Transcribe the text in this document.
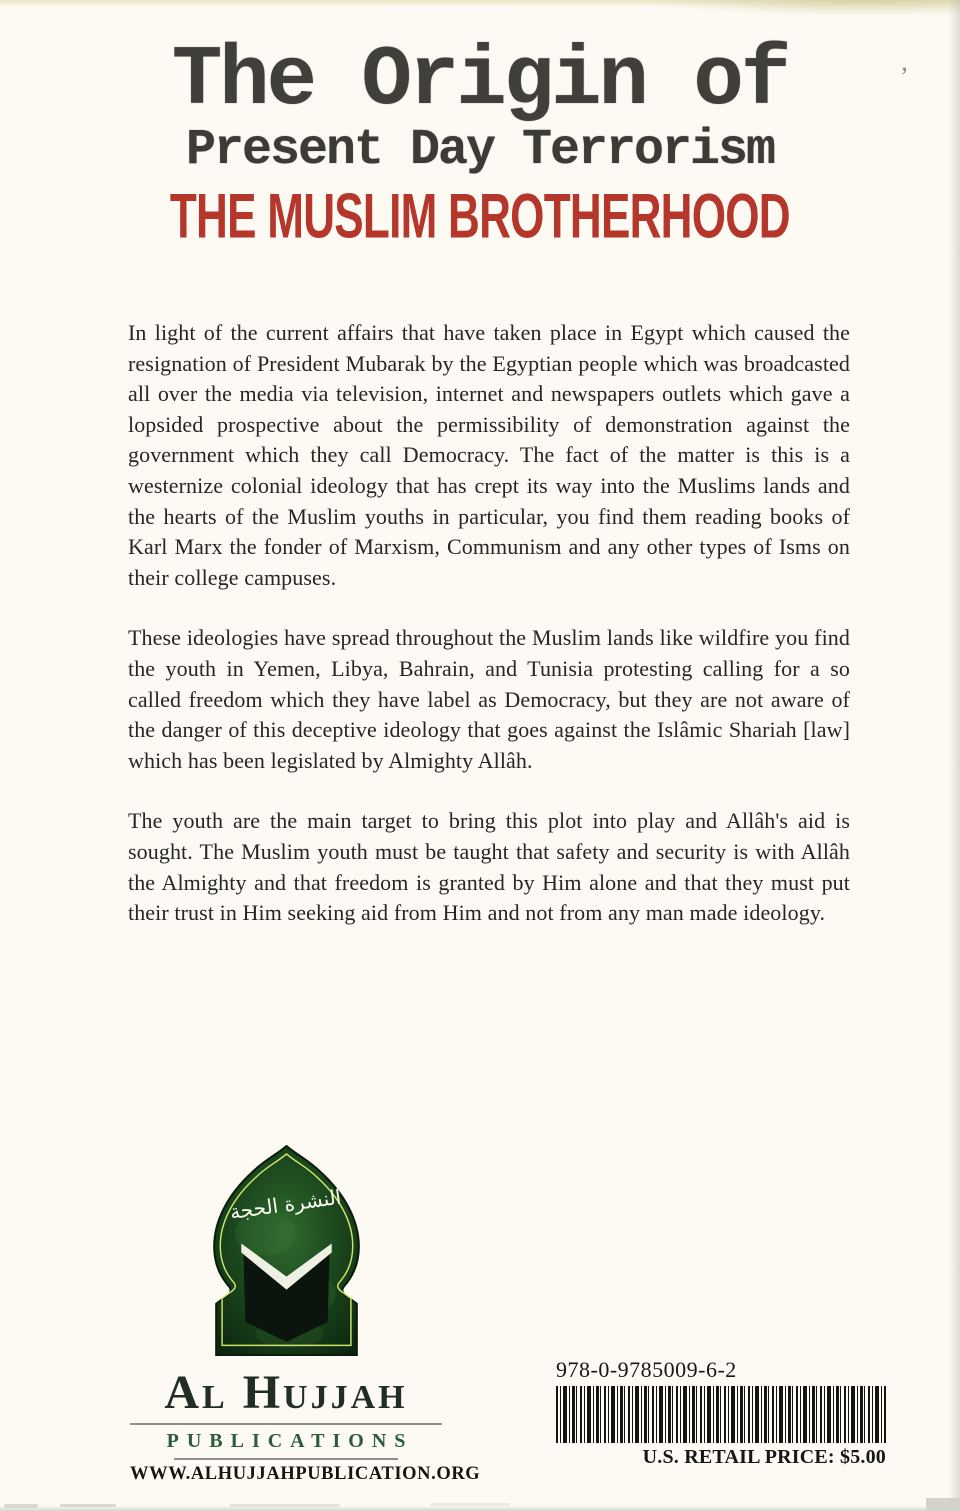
’
The Origin of
Present Day Terrorism
THE MUSLIM BROTHERHOOD

In light of the current affairs that have taken place in Egypt which caused the resignation of President Mubarak by the Egyptian people which was broadcasted all over the media via television, internet and newspapers outlets which gave a lopsided prospective about the permissibility of demonstration against the government which they call Democracy. The fact of the matter is this is a westernize colonial ideology that has crept its way into the Muslims lands and the hearts of the Muslim youths in particular, you find them reading books of Karl Marx the fonder of Marxism, Communism and any other types of Isms on their college campuses.

These ideologies have spread throughout the Muslim lands like wildfire you find the youth in Yemen, Libya, Bahrain, and Tunisia protesting calling for a so called freedom which they have label as Democracy, but they are not aware of the danger of this deceptive ideology that goes against the Islâmic Shariah [law] which has been legislated by Almighty Allâh.

The youth are the main target to bring this plot into play and Allâh's aid is sought. The Muslim youth must be taught that safety and security is with Allâh the Almighty and that freedom is granted by Him alone and that they must put their trust in Him seeking aid from Him and not from any man made ideology.

النشرة الحجة
Al Hujjah
PUBLICATIONS
WWW.ALHUJJAHPUBLICATION.ORG
978-0-9785009-6-2
U.S. RETAIL PRICE: $5.00
